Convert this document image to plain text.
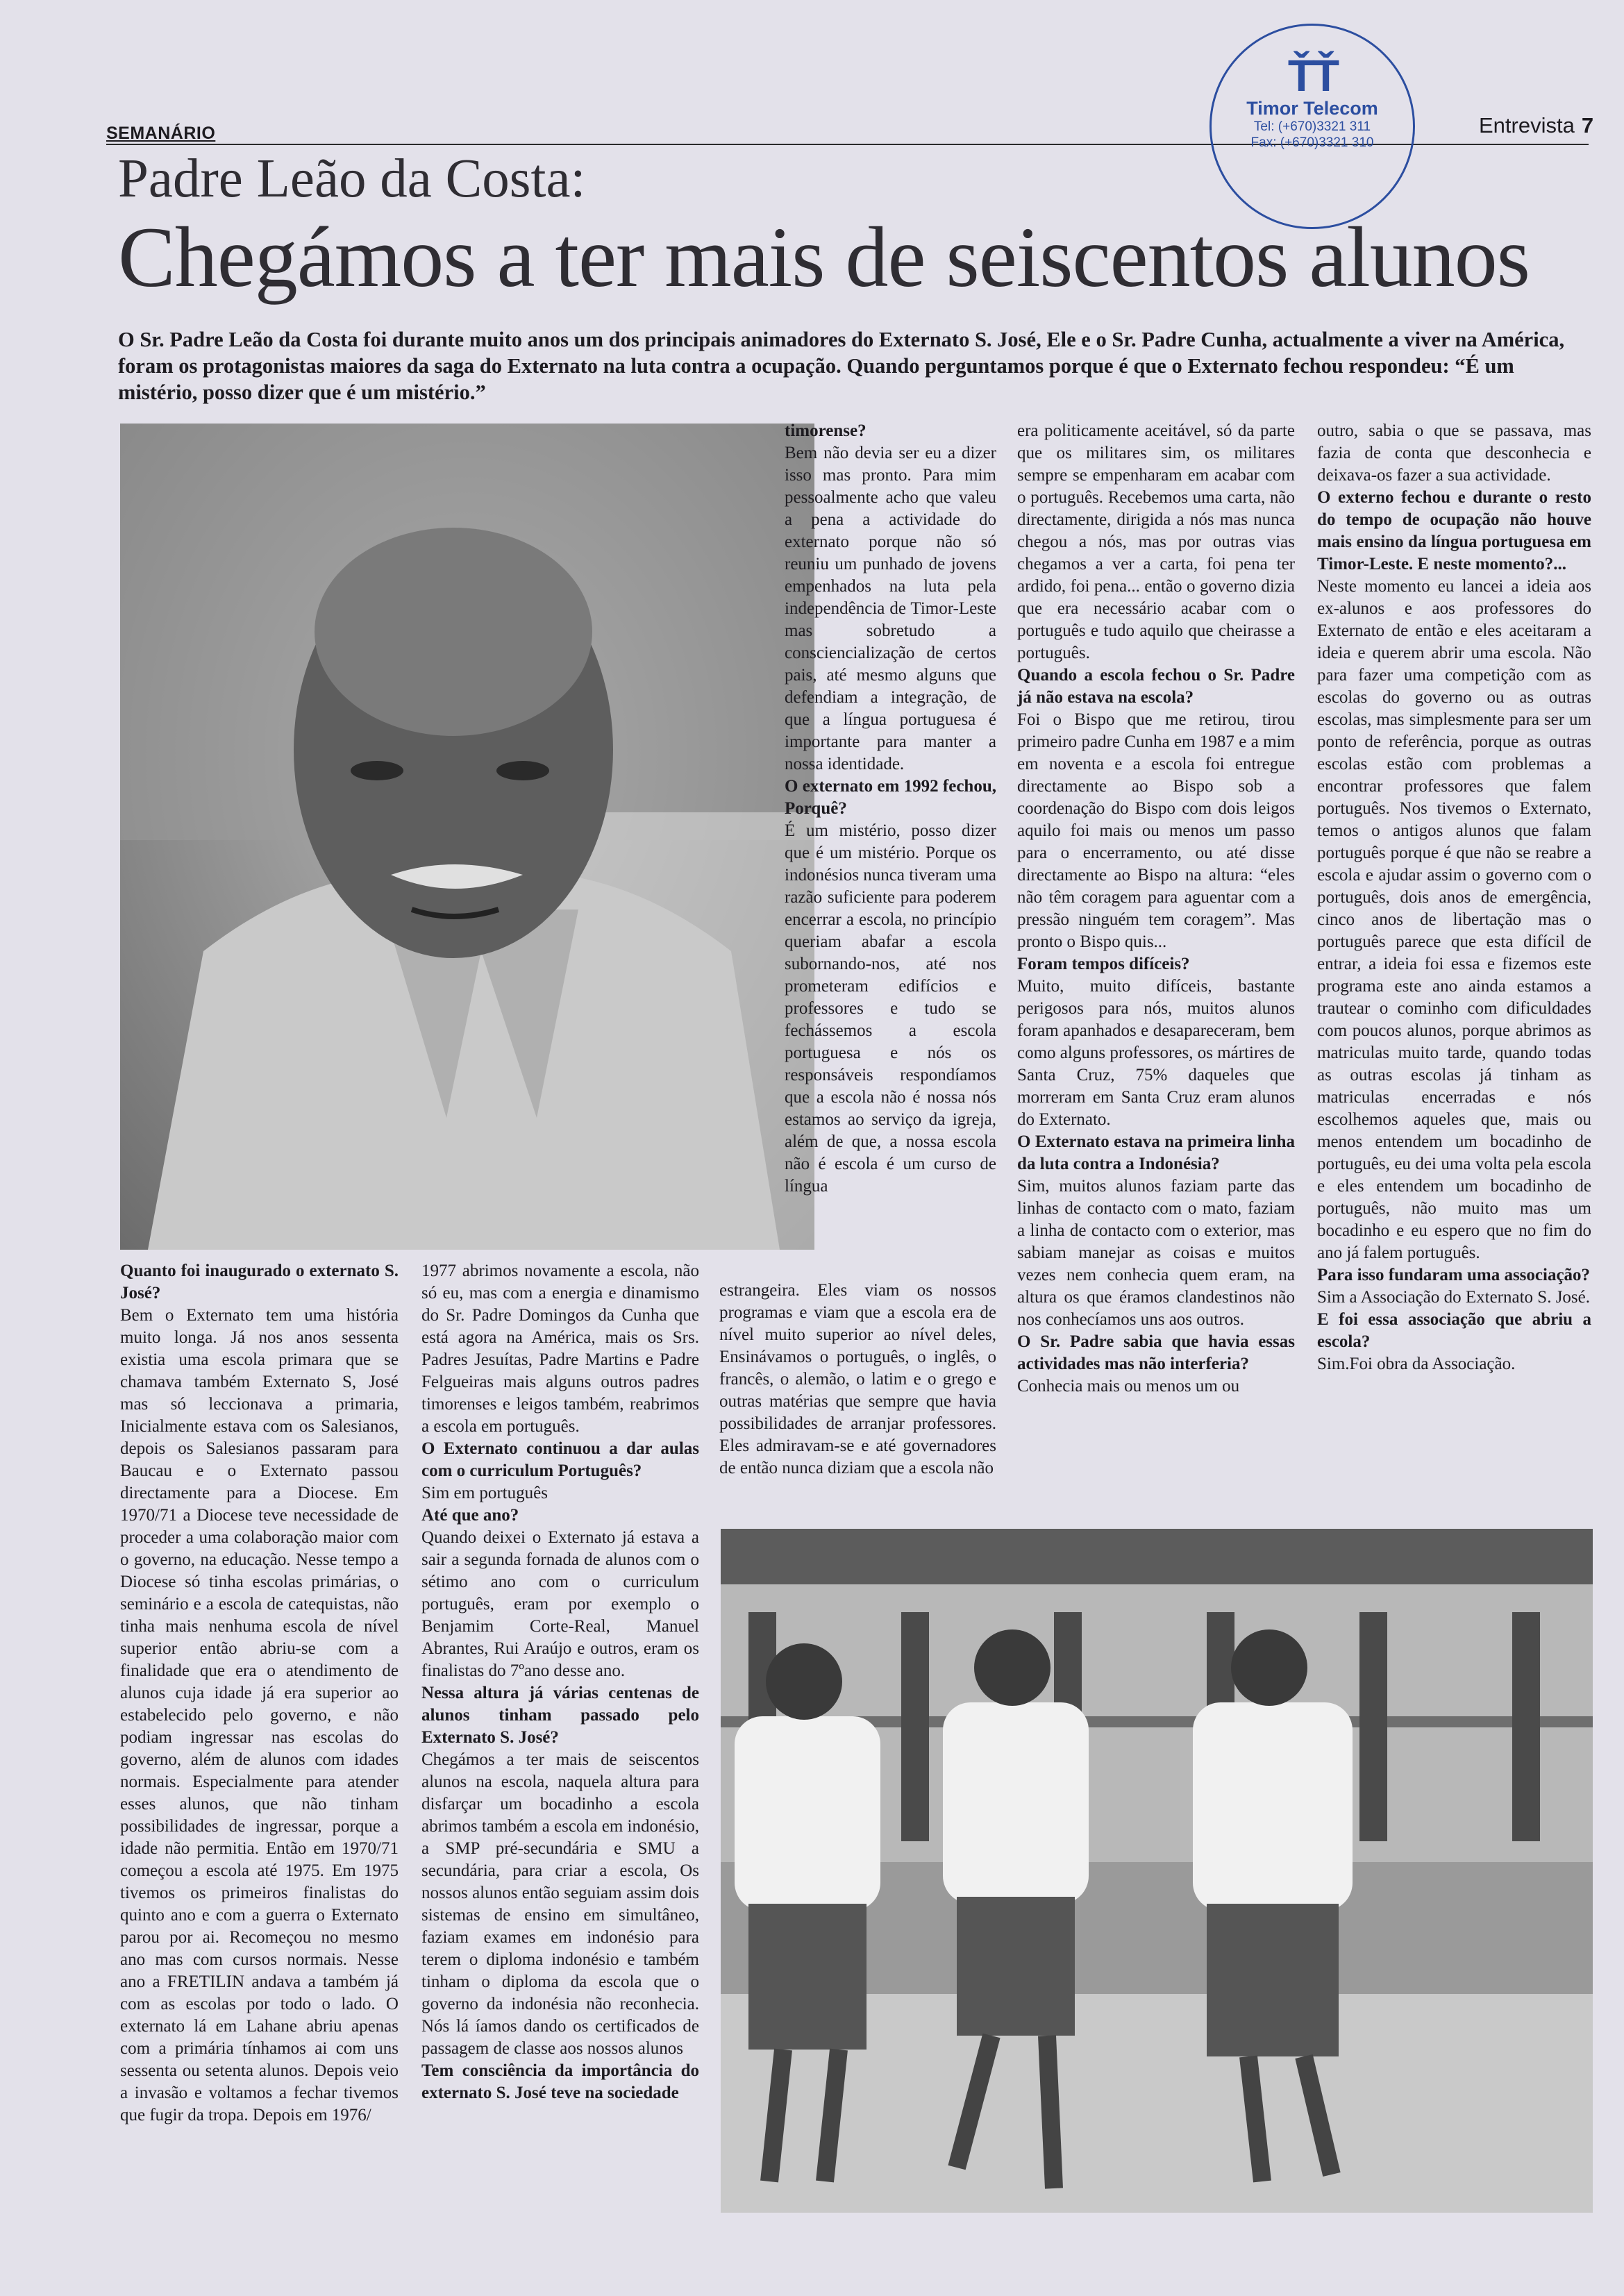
SEMANÁRIO	Entrevista 7
ŤŤ
Timor Telecom
Tel: (+670)3321 311
Fax: (+670)3321 310
Padre Leão da Costa:
Chegámos a ter mais de seiscentos alunos
O Sr. Padre Leão da Costa foi durante muito anos um dos principais animadores do Externato S. José, Ele e o Sr. Padre Cunha, actualmente a viver na América, foram os protagonistas maiores da saga do Externato na luta contra a ocupação. Quando perguntamos porque é que o Externato fechou respondeu: “É um mistério, posso dizer que é um mistério.”

Quanto foi inaugurado o externato S. José?

Bem o Externato tem uma história muito longa. Já nos anos sessenta existia uma escola primara que se chamava também Externato S, José mas só leccionava a primaria, Inicialmente estava com os Salesianos, depois os Salesianos passaram para Baucau e o Externato passou directamente para a Diocese. Em 1970/71 a Diocese teve necessidade de proceder a uma colaboração maior com o governo, na educação. Nesse tempo a Diocese só tinha escolas primárias, o seminário e a escola de catequistas, não tinha mais nenhuma escola de nível superior então abriu-se com a finalidade que era o atendimento de alunos cuja idade já era superior ao estabelecido pelo governo, e não podiam ingressar nas escolas do governo, além de alunos com idades normais. Especialmente para atender esses alunos, que não tinham possibilidades de ingressar, porque a idade não permitia. Então em 1970/71 começou a escola até 1975. Em 1975 tivemos os primeiros finalistas do quinto ano e com a guerra o Externato parou por ai. Recomeçou no mesmo ano mas com cursos normais. Nesse ano a FRETILIN andava a também já com as escolas por todo o lado. O externato lá em Lahane abriu apenas com a primária tínhamos ai com uns sessenta ou setenta alunos. Depois veio a invasão e voltamos a fechar tivemos que fugir da tropa. Depois em 1976/

1977 abrimos novamente a escola, não só eu, mas com a energia e dinamismo do Sr. Padre Domingos da Cunha que está agora na América, mais os Srs. Padres Jesuítas, Padre Martins e Padre Felgueiras mais alguns outros padres timorenses e leigos também, reabrimos a escola em português.

O Externato continuou a dar aulas com o curriculum Português?

Sim em português

Até que ano?

Quando deixei o Externato já estava a sair a segunda fornada de alunos com o sétimo ano com o curriculum português, eram por exemplo o Benjamim Corte-Real, Manuel Abrantes, Rui Araújo e outros, eram os finalistas do 7ºano desse ano.

Nessa altura já várias centenas de alunos tinham passado pelo Externato S. José?

Chegámos a ter mais de seiscentos alunos na escola, naquela altura para disfarçar um bocadinho a escola abrimos também a escola em indonésio, a SMP pré-secundária e SMU a secundária, para criar a escola, Os nossos alunos então seguiam assim dois sistemas de ensino em simultâneo, faziam exames em indonésio para terem o diploma indonésio e também tinham o diploma da escola que o governo da indonésia não reconhecia. Nós lá íamos dando os certificados de passagem de classe aos nossos alunos

Tem consciência da importância do externato S. José teve na sociedade

timorense?

Bem não devia ser eu a dizer isso mas pronto. Para mim pessoalmente acho que valeu a pena a actividade do externato porque não só reuniu um punhado de jovens empenhados na luta pela independência de Timor-Leste mas sobretudo a consciencialização de certos pais, até mesmo alguns que defendiam a integração, de que a língua portuguesa é importante para manter a nossa identidade.

O externato em 1992 fechou, Porquê?

É um mistério, posso dizer que é um mistério. Porque os indonésios nunca tiveram uma razão suficiente para poderem encerrar a escola, no princípio queriam abafar a escola subornando-nos, até nos prometeram edifícios e professores e tudo se fechássemos a escola portuguesa e nós os responsáveis respondíamos que a escola não é nossa nós estamos ao serviço da igreja, além de que, a nossa escola não é escola é um curso de língua

estrangeira. Eles viam os nossos programas e viam que a escola era de nível muito superior ao nível deles, Ensinávamos o português, o inglês, o francês, o alemão, o latim e o grego e outras matérias que sempre que havia possibilidades de arranjar professores. Eles admiravam-se e até governadores de então nunca diziam que a escola não

era politicamente aceitável, só da parte que os militares sim, os militares sempre se empenharam em acabar com o português. Recebemos uma carta, não directamente, dirigida a nós mas nunca chegou a nós, mas por outras vias chegamos a ver a carta, foi pena ter ardido, foi pena... então o governo dizia que era necessário acabar com o português e tudo aquilo que cheirasse a português.

Quando a escola fechou o Sr. Padre já não estava na escola?

Foi o Bispo que me retirou, tirou primeiro padre Cunha em 1987 e a mim em noventa e a escola foi entregue directamente ao Bispo sob a coordenação do Bispo com dois leigos aquilo foi mais ou menos um passo para o encerramento, ou até disse directamente ao Bispo na altura: “eles não têm coragem para aguentar com a pressão ninguém tem coragem”. Mas pronto o Bispo quis...

Foram tempos difíceis?

Muito, muito difíceis, bastante perigosos para nós, muitos alunos foram apanhados e desapareceram, bem como alguns professores, os mártires de Santa Cruz, 75% daqueles que morreram em Santa Cruz eram alunos do Externato.

O Externato estava na primeira linha da luta contra a Indonésia?

Sim, muitos alunos faziam parte das linhas de contacto com o mato, faziam a linha de contacto com o exterior, mas sabiam manejar as coisas e muitos vezes nem conhecia quem eram, na altura os que éramos clandestinos não nos conhecíamos uns aos outros.

O Sr. Padre sabia que havia essas actividades mas não interferia?

Conhecia mais ou menos um ou

outro, sabia o que se passava, mas fazia de conta que desconhecia e deixava-os fazer a sua actividade.

O externo fechou e durante o resto do tempo de ocupação não houve mais ensino da língua portuguesa em Timor-Leste. E neste momento?...

Neste momento eu lancei a ideia aos ex-alunos e aos professores do Externato de então e eles aceitaram a ideia e querem abrir uma escola. Não para fazer uma competição com as escolas do governo ou as outras escolas, mas simplesmente para ser um ponto de referência, porque as outras escolas estão com problemas a encontrar professores que falem português. Nos tivemos o Externato, temos o antigos alunos que falam português porque é que não se reabre a escola e ajudar assim o governo com o português, dois anos de emergência, cinco anos de libertação mas o português parece que esta difícil de entrar, a ideia foi essa e fizemos este programa este ano ainda estamos a trautear o cominho com dificuldades com poucos alunos, porque abrimos as matriculas muito tarde, quando todas as outras escolas já tinham as matriculas encerradas e nós escolhemos aqueles que, mais ou menos entendem um bocadinho de português, eu dei uma volta pela escola e eles entendem um bocadinho de português, não muito mas um bocadinho e eu espero que no fim do ano já falem português.

Para isso fundaram uma associação?

Sim a Associação do Externato S. José.

E foi essa associação que abriu a escola?

Sim.Foi obra da Associação.
